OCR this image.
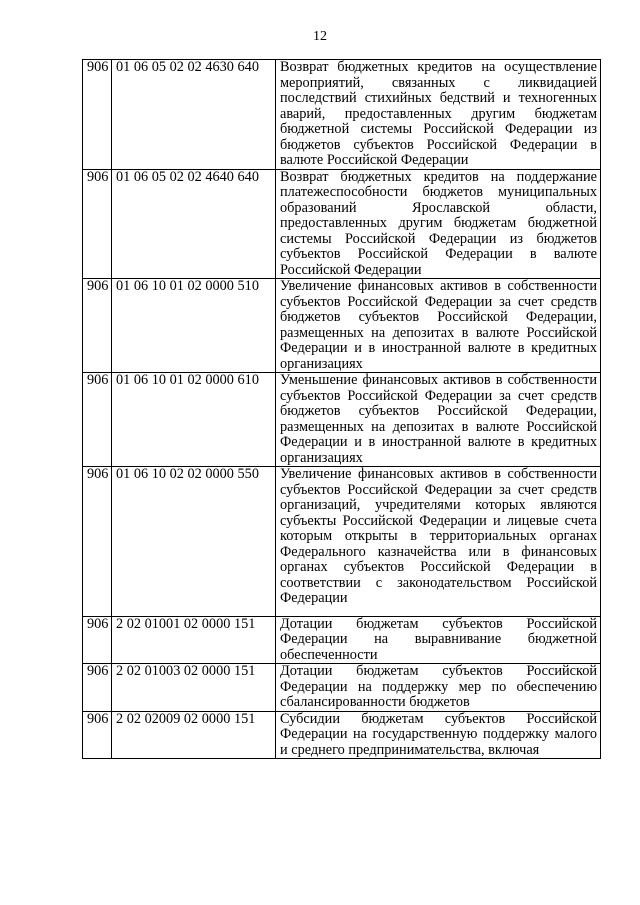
12
906	01 06 05 02 02 4630 640	Возврат бюджетных кредитов на осуществление мероприятий, связанных с ликвидацией последствий стихийных бедствий и техногенных аварий, предоставленных другим бюджетам бюджетной системы Российской Федерации из бюджетов субъектов Российской Федерации в валюте Российской Федерации
906	01 06 05 02 02 4640 640	Возврат бюджетных кредитов на поддержание платежеспособности бюджетов муниципальных образований Ярославской области, предоставленных другим бюджетам бюджетной системы Российской Федерации из бюджетов субъектов Российской Федерации в валюте Российской Федерации
906	01 06 10 01 02 0000 510	Увеличение финансовых активов в собственности субъектов Российской Федерации за счет средств бюджетов субъектов Российской Федерации, размещенных на депозитах в валюте Российской Федерации и в иностранной валюте в кредитных организациях
906	01 06 10 01 02 0000 610	Уменьшение финансовых активов в собственности субъектов Российской Федерации за счет средств бюджетов субъектов Российской Федерации, размещенных на депозитах в валюте Российской Федерации и в иностранной валюте в кредитных организациях
906	01 06 10 02 02 0000 550	Увеличение финансовых активов в собственности субъектов Российской Федерации за счет средств организаций, учредителями которых являются субъекты Российской Федерации и лицевые счета которым открыты в территориальных органах Федерального казначейства или в финансовых органах субъектов Российской Федерации в соответствии с законодательством Российской Федерации
906	2 02 01001 02 0000 151	Дотации бюджетам субъектов Российской Федерации на выравнивание бюджетной обеспеченности
906	2 02 01003 02 0000 151	Дотации бюджетам субъектов Российской Федерации на поддержку мер по обеспечению сбалансированности бюджетов
906	2 02 02009 02 0000 151	Субсидии бюджетам субъектов Российской Федерации на государственную поддержку малого и среднего предпринимательства, включая
